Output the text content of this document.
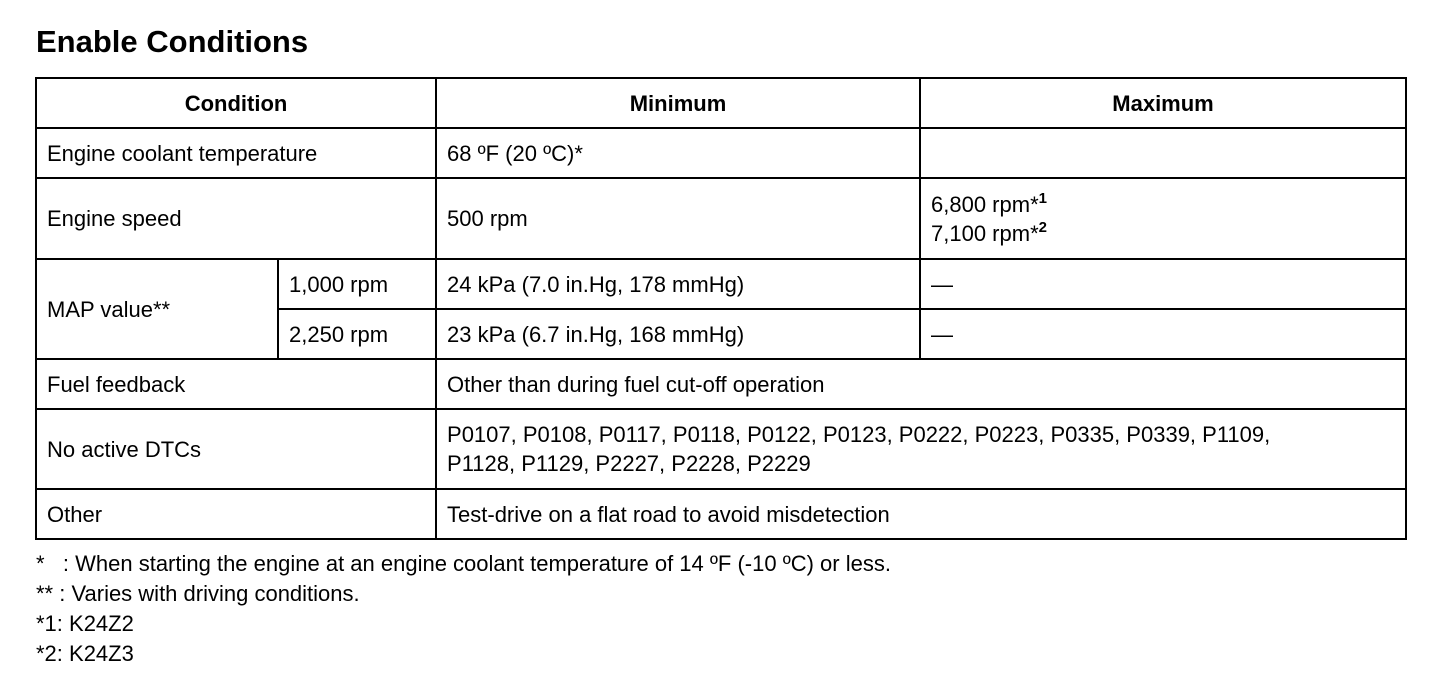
Enable Conditions
Condition		Minimum	Maximum
Engine coolant temperature		68 ºF (20 ºC)*	
Engine speed		500 rpm	6,800 rpm*$^1$
7,100 rpm*$^2$

MAP value**	1,000 rpm	24 kPa (7.0 in.Hg, 178 mmHg)	—
	2,250 rpm	23 kPa (6.7 in.Hg, 168 mmHg)	—
Fuel feedback		Other than during fuel cut-off operation	
No active DTCs		P0107, P0108, P0117, P0118, P0122, P0123, P0222, P0223, P0335, P0339, P1109,
P1128, P1129, P2227, P2228, P2229	

Other		Test-drive on a flat road to avoid misdetection	
*   : When starting the engine at an engine coolant temperature of 14 ºF (-10 ºC) or less.
** : Varies with driving conditions.
*1: K24Z2
*2: K24Z3
